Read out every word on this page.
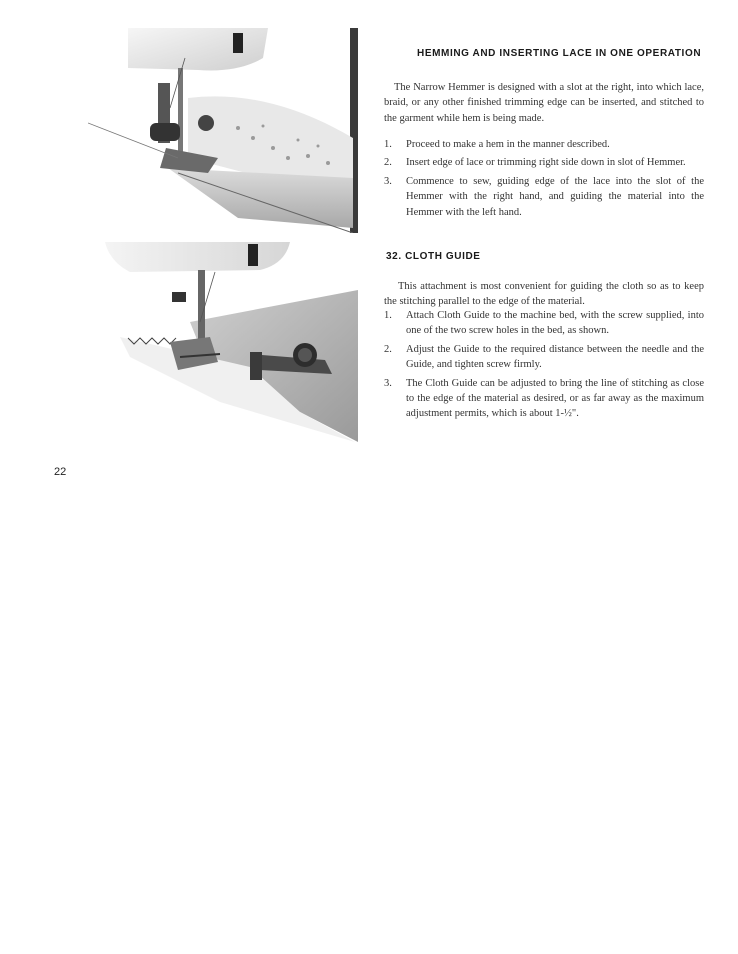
HEMMING AND INSERTING LACE IN ONE OPERATION

The Narrow Hemmer is designed with a slot at the right, into which lace, braid, or any other finished trimming edge can be inserted, and stitched to the garment while hem is being made.

1. Proceed to make a hem in the manner described.
2. Insert edge of lace or trimming right side down in slot of Hemmer.
3. Commence to sew, guiding edge of the lace into the slot of the Hemmer with the right hand, and guiding the material into the Hemmer with the left hand.
32. CLOTH GUIDE

This attachment is most convenient for guiding the cloth so as to keep the stitching parallel to the edge of the material.

1. Attach Cloth Guide to the machine bed, with the screw supplied, into one of the two screw holes in the bed, as shown.
2. Adjust the Guide to the required distance between the needle and the Guide, and tighten screw firmly.
3. The Cloth Guide can be adjusted to bring the line of stitching as close to the edge of the material as desired, or as far away as the maximum adjustment permits, which is about 1-½".
22
